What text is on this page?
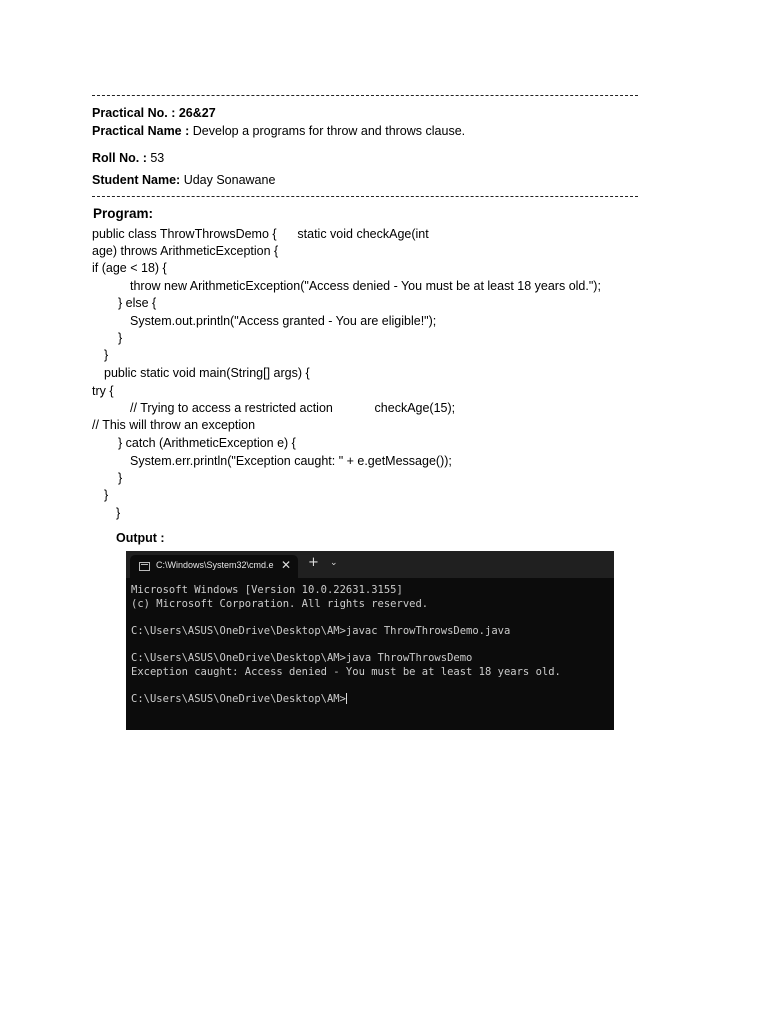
Practical No. : 26&27
Practical Name : Develop a programs for throw and throws clause.
Roll No. : 53
Student Name: Uday Sonawane
Program:
public class ThrowThrowsDemo {      static void checkAge(int
age) throws ArithmeticException {
if (age < 18) {
throw new ArithmeticException("Access denied - You must be at least 18 years old.");
} else {
System.out.println("Access granted - You are eligible!");
}
}
public static void main(String[] args) {
try {
// Trying to access a restricted action            checkAge(15);
// This will throw an exception
} catch (ArithmeticException e) {
System.err.println("Exception caught: " + e.getMessage());
}
}
}
Output :
C:\Windows\System32\cmd.e ✕ + ⌄
Microsoft Windows [Version 10.0.22631.3155]
(c) Microsoft Corporation. All rights reserved.
C:\Users\ASUS\OneDrive\Desktop\AM>javac ThrowThrowsDemo.java
C:\Users\ASUS\OneDrive\Desktop\AM>java ThrowThrowsDemo
Exception caught: Access denied - You must be at least 18 years old.
C:\Users\ASUS\OneDrive\Desktop\AM>
